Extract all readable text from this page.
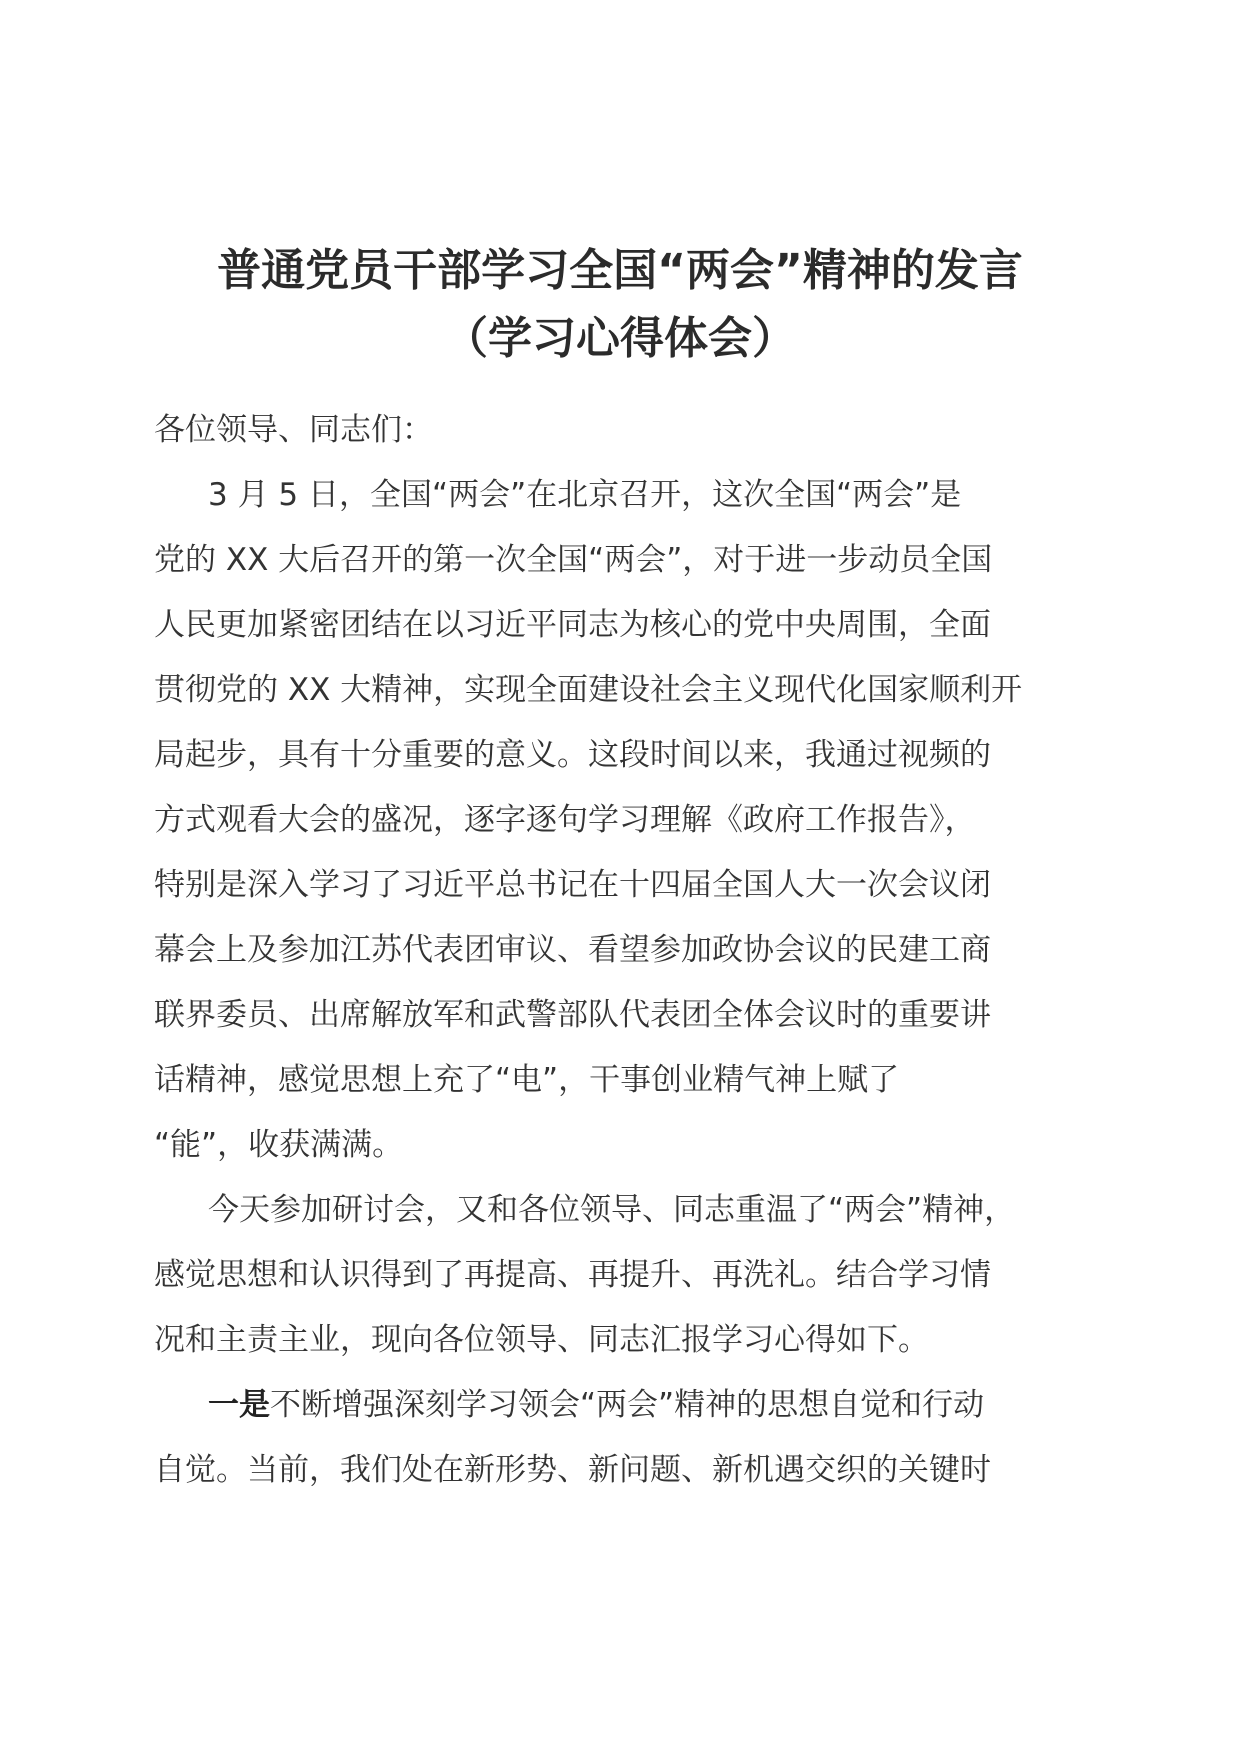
普通党员干部学习全国“两会”精神的发言
（学习心得体会）
各位领导、同志们：
3 月 5 日，全国“两会”在北京召开，这次全国“两会”是
党的 XX 大后召开的第一次全国“两会”，对于进一步动员全国
人民更加紧密团结在以习近平同志为核心的党中央周围，全面
贯彻党的 XX 大精神，实现全面建设社会主义现代化国家顺利开
局起步，具有十分重要的意义。这段时间以来，我通过视频的
方式观看大会的盛况，逐字逐句学习理解《政府工作报告》，
特别是深入学习了习近平总书记在十四届全国人大一次会议闭
幕会上及参加江苏代表团审议、看望参加政协会议的民建工商
联界委员、出席解放军和武警部队代表团全体会议时的重要讲
话精神，感觉思想上充了“电”，干事创业精气神上赋了
“能”，收获满满。
今天参加研讨会，又和各位领导、同志重温了“两会”精神，
感觉思想和认识得到了再提高、再提升、再洗礼。结合学习情
况和主责主业，现向各位领导、同志汇报学习心得如下。
一是不断增强深刻学习领会“两会”精神的思想自觉和行动
自觉。当前，我们处在新形势、新问题、新机遇交织的关键时
